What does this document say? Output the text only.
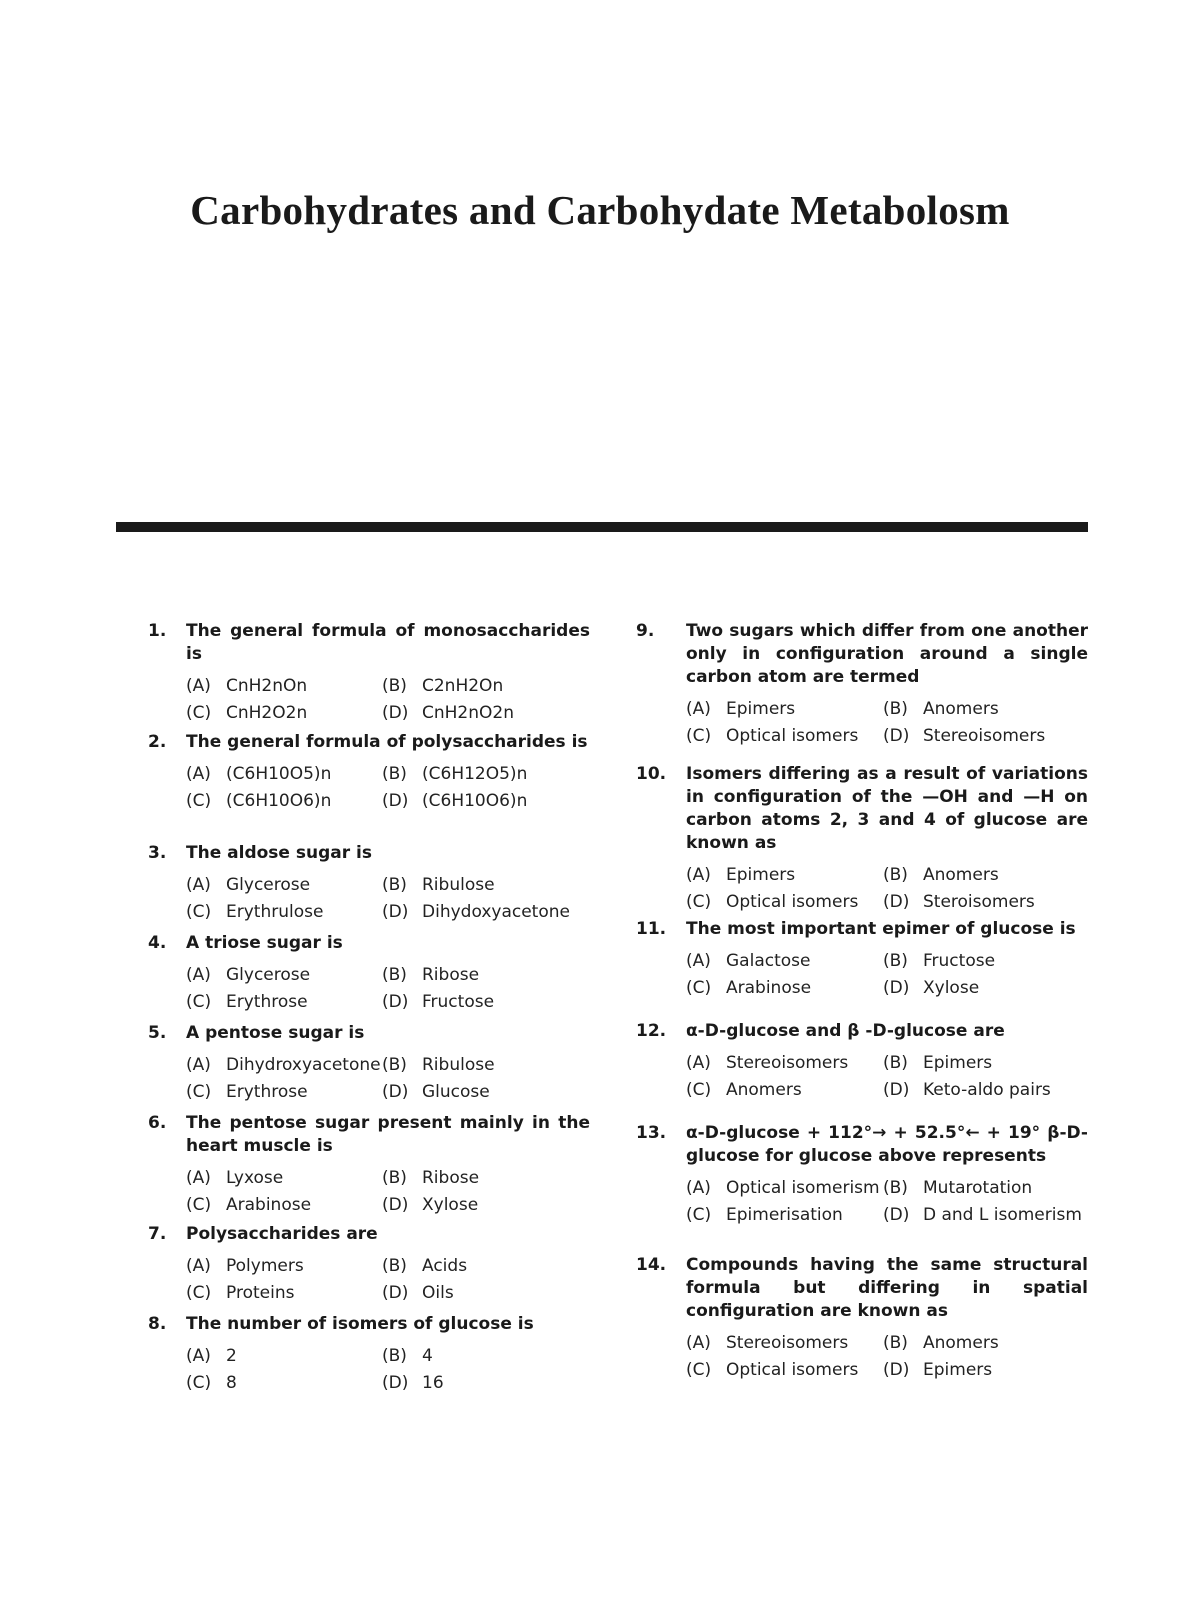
Carbohydrates and Carbohydate Metabolosm
1.	The general formula of monosaccharides is
(A) CnH2nOn	(B) C2nH2On
(C) CnH2O2n	(D) CnH2nO2n
2.	The general formula of polysaccharides is
(A) (C6H10O5)n	(B) (C6H12O5)n
(C) (C6H10O6)n	(D) (C6H10O6)n
3.	The aldose sugar is
(A) Glycerose	(B) Ribulose
(C) Erythrulose	(D) Dihydoxyacetone
4.	A triose sugar is
(A) Glycerose	(B) Ribose
(C) Erythrose	(D) Fructose
5.	A pentose sugar is
(A) Dihydroxyacetone (B) Ribulose
(C) Erythrose	(D) Glucose
6.	The pentose sugar present mainly in the heart muscle is
(A) Lyxose	(B) Ribose
(C) Arabinose	(D) Xylose
7.	Polysaccharides are
(A) Polymers	(B) Acids
(C) Proteins	(D) Oils
8.	The number of isomers of glucose is
(A) 2	(B) 4
(C) 8	(D) 16
9.	Two sugars which differ from one another only in configuration around a single carbon atom are termed
(A) Epimers	(B) Anomers
(C) Optical isomers (D) Stereoisomers
10.	Isomers differing as a result of variations in configuration of the —OH and —H on carbon atoms 2, 3 and 4 of glucose are known as
(A) Epimers	(B) Anomers
(C) Optical isomers (D) Steroisomers
11.	The most important epimer of glucose is
(A) Galactose	(B) Fructose
(C) Arabinose	(D) Xylose
12.	α-D-glucose and β -D-glucose are
(A) Stereoisomers (B) Epimers
(C) Anomers	(D) Keto-aldo pairs
13.	α-D-glucose + 112°→ + 52.5°← + 19° β-D-glucose for glucose above represents
(A) Optical isomerism (B) Mutarotation
(C) Epimerisation (D) D and L isomerism
14.	Compounds having the same structural formula but differing in spatial configuration are known as
(A) Stereoisomers (B) Anomers
(C) Optical isomers (D) Epimers
